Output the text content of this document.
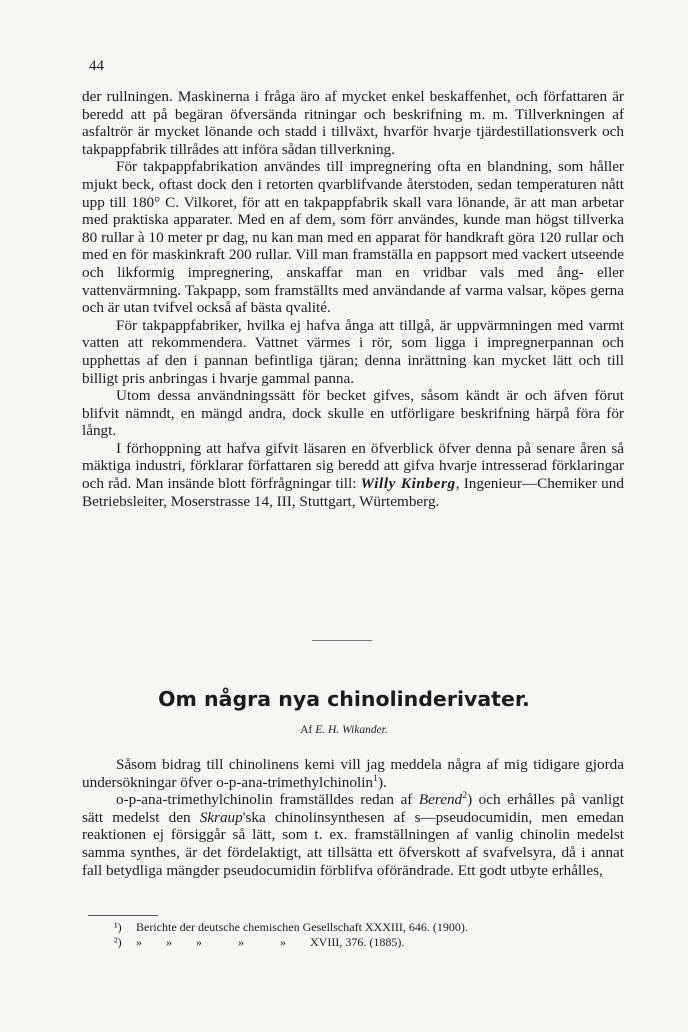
44

der rullningen. Maskinerna i fråga äro af mycket enkel beskaffenhet, och författaren är beredd att på begäran öfversända ritningar och beskrifning m. m. Tillverkningen af asfaltrör är mycket lönande och stadd i tillväxt, hvarför hvarje tjärdestillationsverk och takpappfabrik tillrådes att införa sådan tillverkning.

För takpappfabrikation användes till impregnering ofta en blandning, som håller mjukt beck, oftast dock den i retorten qvarblifvande återstoden, sedan temperaturen nått upp till 180° C. Vilkoret, för att en takpappfabrik skall vara lönande, är att man arbetar med praktiska apparater. Med en af dem, som förr användes, kunde man högst tillverka 80 rullar à 10 meter pr dag, nu kan man med en apparat för handkraft göra 120 rullar och med en för maskinkraft 200 rullar. Vill man framställa en pappsort med vackert utseende och likformig impregnering, anskaffar man en vridbar vals med ång- eller vattenvärmning. Takpapp, som framställts med användande af varma valsar, köpes gerna och är utan tvifvel också af bästa qvalité.

För takpappfabriker, hvilka ej hafva ånga att tillgå, är uppvärmningen med varmt vatten att rekommendera. Vattnet värmes i rör, som ligga i impregnerpannan och upphettas af den i pannan befintliga tjäran; denna inrättning kan mycket lätt och till billigt pris anbringas i hvarje gammal panna.

Utom dessa användningssätt för becket gifves, såsom kändt är och äfven förut blifvit nämndt, en mängd andra, dock skulle en utförligare beskrifning härpå föra för långt.

I förhoppning att hafva gifvit läsaren en öfverblick öfver denna på senare åren så mäktiga industri, förklarar författaren sig beredd att gifva hvarje intresserad förklaringar och råd. Man insände blott förfrågningar till: Willy Kinberg, Ingenieur—Chemiker und Betriebsleiter, Moserstrasse 14, III, Stuttgart, Würtemberg.

Om några nya chinolinderivater.
Af E. H. Wikander.

Såsom bidrag till chinolinens kemi vill jag meddela några af mig tidigare gjorda undersökningar öfver o-p-ana-trimethylchinolin$^1$).

o-p-ana-trimethylchinolin framställdes redan af Berend$^2$) och erhålles på vanligt sätt medelst den Skraup'ska chinolinsynthesen af s—pseudocumidin, men emedan reaktionen ej försiggår så lätt, som t. ex. framställningen af vanlig chinolin medelst samma synthes, är det fördelaktigt, att tillsätta ett öfverskott af svafvelsyra, då i annat fall betydliga mängder pseudocumidin förblifva oförändrade. Ett godt utbyte erhålles,

¹)	Berichte der deutsche chemischen Gesellschaft XXXIII, 646. (1900).
²)	»        »        »            »            »        XVIII, 376. (1885).
